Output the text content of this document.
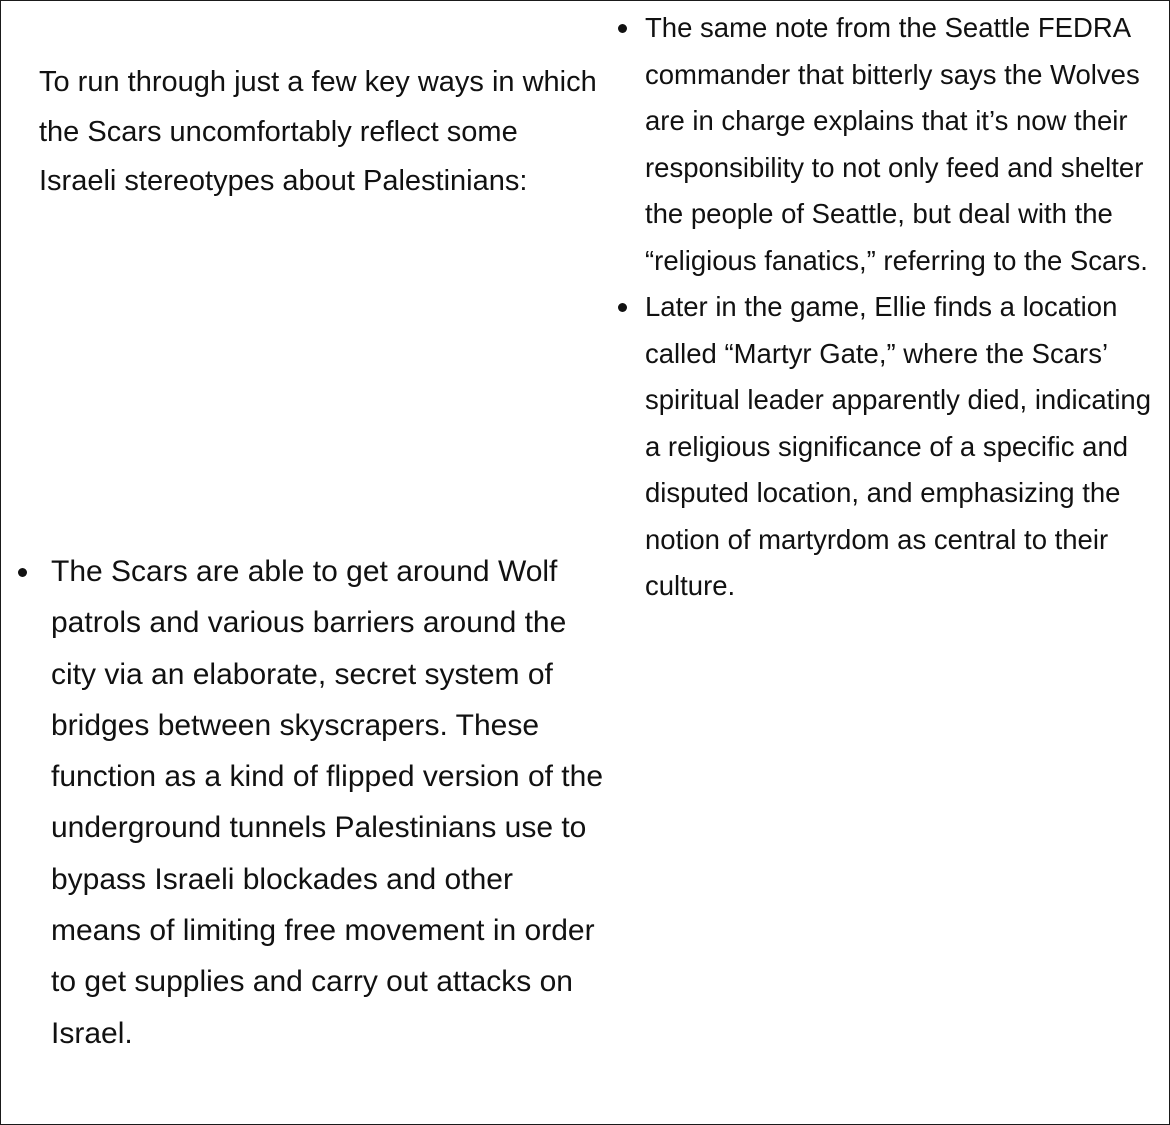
To run through just a few key ways in which the Scars uncomfortably reflect some Israeli stereotypes about Palestinians:

The Scars are able to get around Wolf patrols and various barriers around the city via an elaborate, secret system of bridges between skyscrapers. These function as a kind of flipped version of the underground tunnels Palestinians use to bypass Israeli blockades and other means of limiting free movement in order to get supplies and carry out attacks on Israel.
The same note from the Seattle FEDRA commander that bitterly says the Wolves are in charge explains that it’s now their responsibility to not only feed and shelter the people of Seattle, but deal with the “religious fanatics,” referring to the Scars.
Later in the game, Ellie finds a location called “Martyr Gate,” where the Scars’ spiritual leader apparently died, indicating a religious significance of a specific and disputed location, and emphasizing the notion of martyrdom as central to their culture.
